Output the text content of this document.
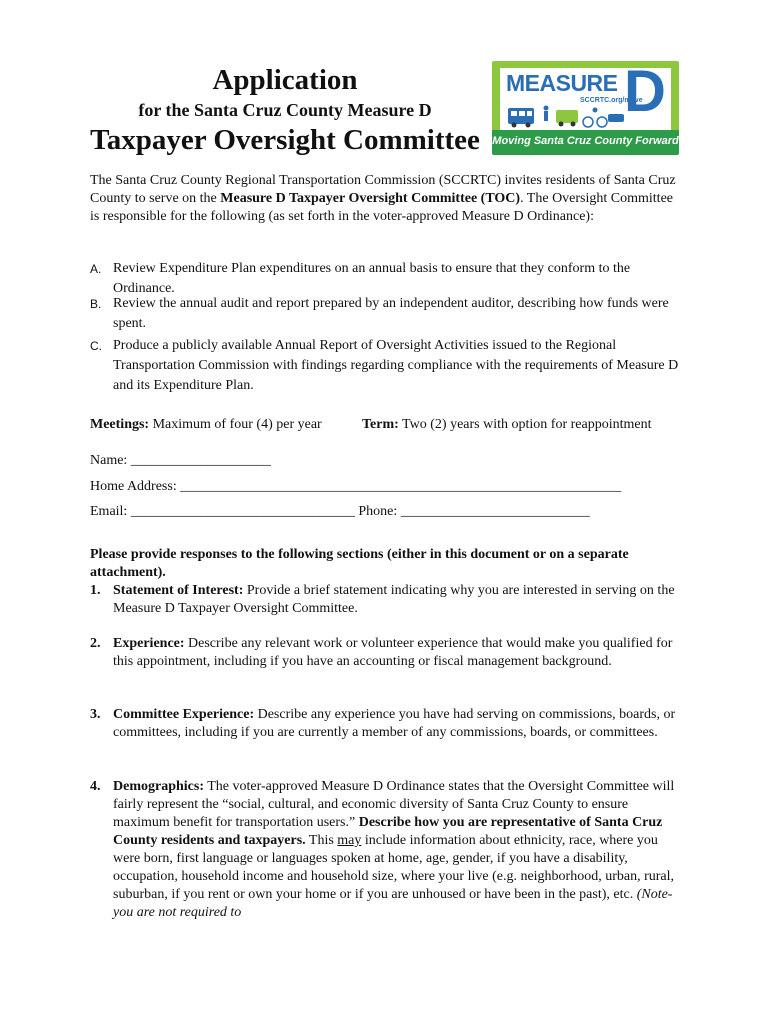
Application
for the Santa Cruz County Measure D
Taxpayer Oversight Committee
MEASURE D
SCCRTC.org/move
Moving Santa Cruz County Forward
The Santa Cruz County Regional Transportation Commission (SCCRTC) invites residents of Santa Cruz County to serve on the Measure D Taxpayer Oversight Committee (TOC). The Oversight Committee is responsible for the following (as set forth in the voter-approved Measure D Ordinance):
A. Review Expenditure Plan expenditures on an annual basis to ensure that they conform to the Ordinance.
B. Review the annual audit and report prepared by an independent auditor, describing how funds were spent.
C. Produce a publicly available Annual Report of Oversight Activities issued to the Regional Transportation Commission with findings regarding compliance with the requirements of Measure D and its Expenditure Plan.
Meetings: Maximum of four (4) per year	Term: Two (2) years with option for reappointment
Name: ____________________
Home Address: _______________________________________________________________
Email: ________________________________ Phone: ___________________________
Please provide responses to the following sections (either in this document or on a separate attachment).
1. Statement of Interest: Provide a brief statement indicating why you are interested in serving on the Measure D Taxpayer Oversight Committee.
2. Experience: Describe any relevant work or volunteer experience that would make you qualified for this appointment, including if you have an accounting or fiscal management background.
3. Committee Experience: Describe any experience you have had serving on commissions, boards, or committees, including if you are currently a member of any commissions, boards, or committees.
4. Demographics: The voter-approved Measure D Ordinance states that the Oversight Committee will fairly represent the “social, cultural, and economic diversity of Santa Cruz County to ensure maximum benefit for transportation users.” Describe how you are representative of Santa Cruz County residents and taxpayers. This may include information about ethnicity, race, where you were born, first language or languages spoken at home, age, gender, if you have a disability, occupation, household income and household size, where your live (e.g. neighborhood, urban, rural, suburban, if you rent or own your home or if you are unhoused or have been in the past), etc. (Note- you are not required to
